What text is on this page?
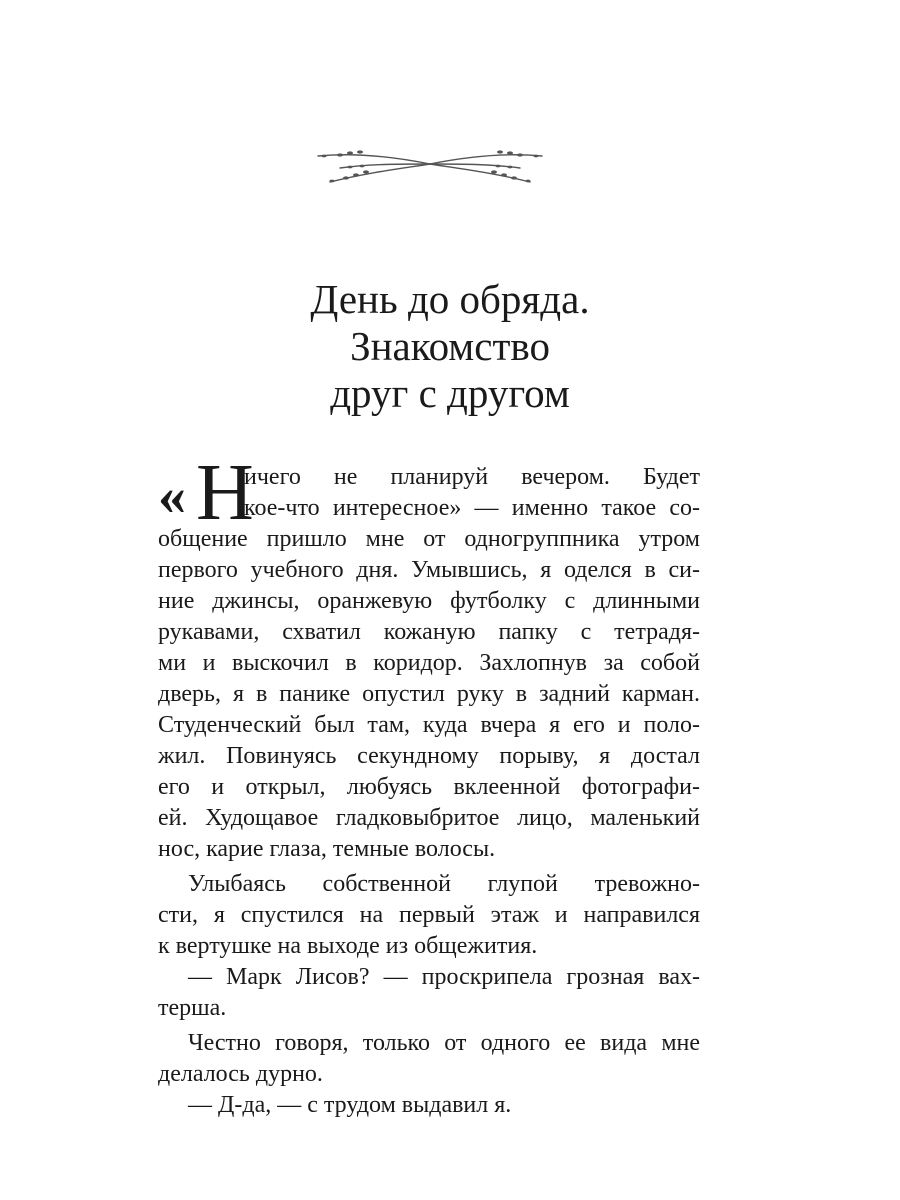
День до обряда.
Знакомство
друг с другом
« Н
ичего не планируй вечером. Будет
кое-что интересное» — именно такое со-
общение пришло мне от одногруппника утром
первого учебного дня. Умывшись, я оделся в си-
ние джинсы, оранжевую футболку с длинными
рукавами, схватил кожаную папку с тетрадя-
ми и выскочил в коридор. Захлопнув за собой
дверь, я в панике опустил руку в задний карман.
Студенческий был там, куда вчера я его и поло-
жил. Повинуясь секундному порыву, я достал
его и открыл, любуясь вклеенной фотографи-
ей. Худощавое гладковыбритое лицо, маленький
нос, карие глаза, темные волосы.
Улыбаясь собственной глупой тревожно-
сти, я спустился на первый этаж и направился
к вертушке на выходе из общежития.
— Марк Лисов? — проскрипела грозная вах-
терша.
Честно говоря, только от одного ее вида мне
делалось дурно.
— Д-да, — с трудом выдавил я.
